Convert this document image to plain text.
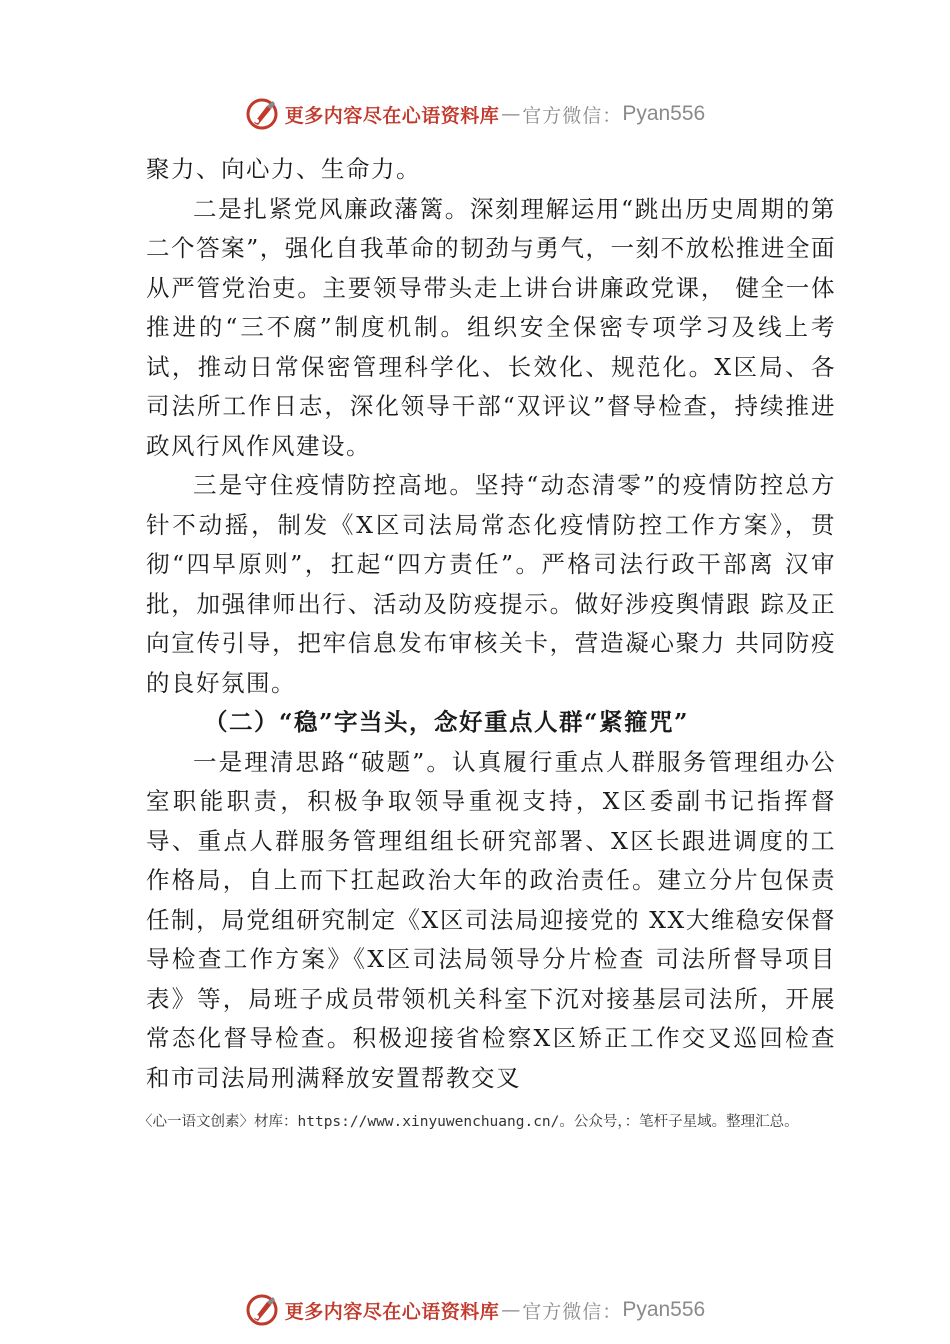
更多内容尽在心语资料库 — 官方微信： Pyan556

聚力、向心力、生命力。

二是扎紧党风廉政藩篱。深刻理解运用“跳出历史周期的第二个答案”，强化自我革命的韧劲与勇气，一刻不放松推进全面从严管党治吏。主要领导带头走上讲台讲廉政党课， 健全一体推进的“三不腐”制度机制。组织安全保密专项学习及线上考试，推动日常保密管理科学化、长效化、规范化。X区局、各司法所工作日志，深化领导干部“双评议”督导检查，持续推进政风行风作风建设。

三是守住疫情防控高地。坚持“动态清零”的疫情防控总方针不动摇，制发《X区司法局常态化疫情防控工作方案》，贯彻“四早原则”，扛起“四方责任”。严格司法行政干部离 汉审批，加强律师出行、活动及防疫提示。做好涉疫舆情跟 踪及正向宣传引导，把牢信息发布审核关卡，营造凝心聚力 共同防疫的良好氛围。

（二）“稳”字当头，念好重点人群“紧箍咒”

一是理清思路“破题”。认真履行重点人群服务管理组办公室职能职责，积极争取领导重视支持，X区委副书记指挥督导、重点人群服务管理组组长研究部署、X区长跟进调度的工作格局，自上而下扛起政治大年的政治责任。建立分片包保责任制，局党组研究制定《X区司法局迎接党的 XX大维稳安保督导检查工作方案》《X区司法局领导分片检查 司法所督导项目表》等，局班子成员带领机关科室下沉对接基层司法所，开展常态化督导检查。积极迎接省检察X区矫正工作交叉巡回检查和市司法局刑满释放安置帮教交叉

〈心一语文创素〉材库：https://www.xinyuwenchuang.cn/。公众号，：笔杆子星域。整理汇总。
更多内容尽在心语资料库 — 官方微信： Pyan556
